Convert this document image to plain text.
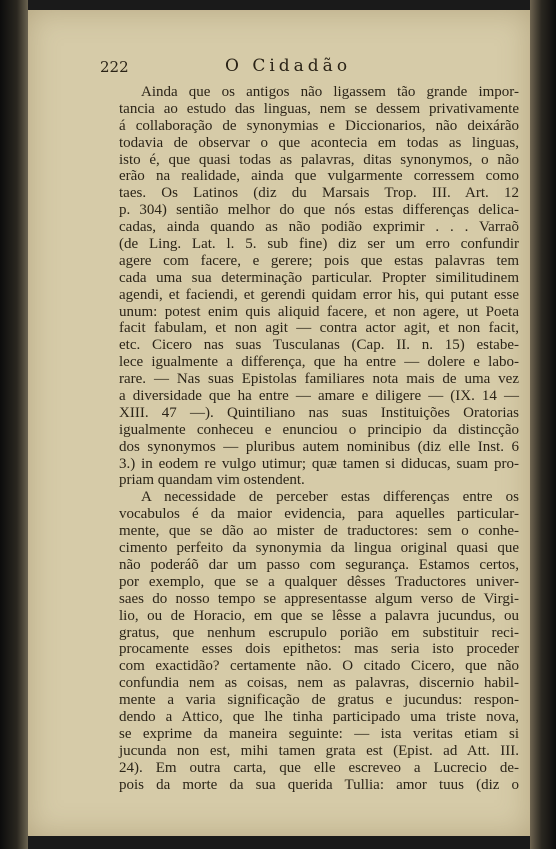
222	O Cidadão
Ainda que os antigos não ligassem tão grande impor-
tancia ao estudo das linguas, nem se dessem privativamente
á collaboração de synonymias e Diccionarios, não deixárão
todavia de observar o que acontecia em todas as linguas,
isto é, que quasi todas as palavras, ditas synonymos, o não
erão na realidade, ainda que vulgarmente corressem como
taes. Os Latinos (diz du Marsais Trop. III. Art. 12
p. 304) sentião melhor do que nós estas differenças delica-
cadas, ainda quando as não podião exprimir . . . Varraõ
(de Ling. Lat. l. 5. sub fine) diz ser um erro confundir
agere com facere, e gerere; pois que estas palavras tem
cada uma sua determinação particular. Propter similitudinem
agendi, et faciendi, et gerendi quidam error his, qui putant esse
unum: potest enim quis aliquid facere, et non agere, ut Poeta
facit fabulam, et non agit — contra actor agit, et non facit,
etc. Cicero nas suas Tusculanas (Cap. II. n. 15) estabe-
lece igualmente a differença, que ha entre — dolere e labo-
rare. — Nas suas Epistolas familiares nota mais de uma vez
a diversidade que ha entre — amare e diligere — (IX. 14 —
XIII. 47 —). Quintiliano nas suas Instituições Oratorias
igualmente conheceu e enunciou o principio da distincção
dos synonymos — pluribus autem nominibus (diz elle Inst. 6
3.) in eodem re vulgo utimur; quæ tamen si diducas, suam pro-
priam quandam vim ostendent.
A necessidade de perceber estas differenças entre os
vocabulos é da maior evidencia, para aquelles particular-
mente, que se dão ao mister de traductores: sem o conhe-
cimento perfeito da synonymia da lingua original quasi que
não poderáõ dar um passo com segurança. Estamos certos,
por exemplo, que se a qualquer dêsses Traductores univer-
saes do nosso tempo se appresentasse algum verso de Virgi-
lio, ou de Horacio, em que se lêsse a palavra jucundus, ou
gratus, que nenhum escrupulo porião em substituir reci-
procamente esses dois epithetos: mas seria isto proceder
com exactidão? certamente não. O citado Cicero, que não
confundia nem as coisas, nem as palavras, discernio habil-
mente a varia significação de gratus e jucundus: respon-
dendo a Attico, que lhe tinha participado uma triste nova,
se exprime da maneira seguinte: — ista veritas etiam si
jucunda non est, mihi tamen grata est (Epist. ad Att. III.
24). Em outra carta, que elle escreveo a Lucrecio de-
pois da morte da sua querida Tullia: amor tuus (diz o
